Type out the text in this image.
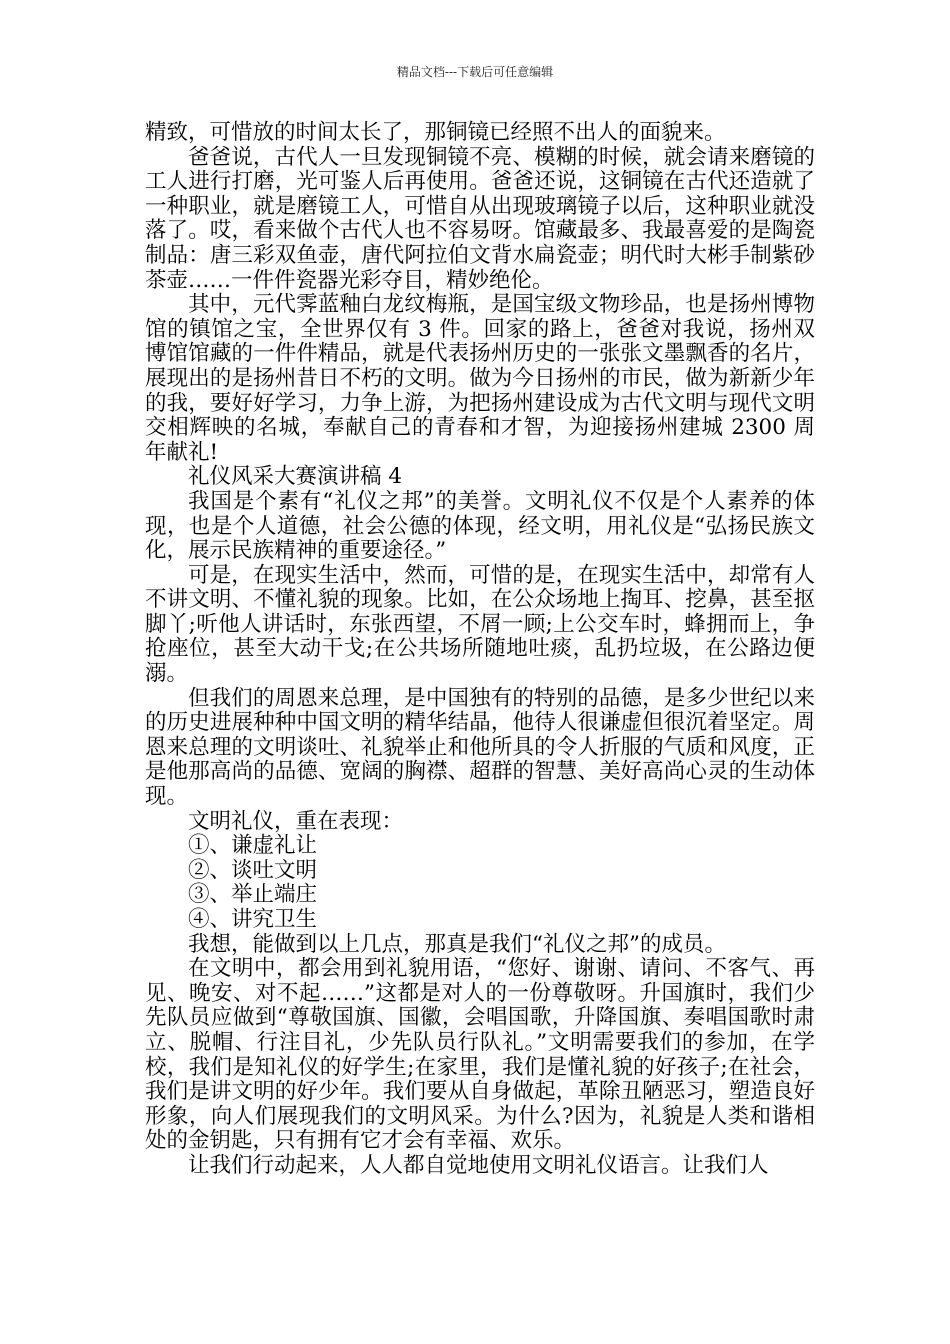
精品文档---下载后可任意编辑

精致，可惜放的时间太长了，那铜镜已经照不出人的面貌来。

爸爸说，古代人一旦发现铜镜不亮、模糊的时候，就会请来磨镜的工人进行打磨，光可鉴人后再使用。爸爸还说，这铜镜在古代还造就了一种职业，就是磨镜工人，可惜自从出现玻璃镜子以后，这种职业就没落了。哎，看来做个古代人也不容易呀。馆藏最多、我最喜爱的是陶瓷制品：唐三彩双鱼壶，唐代阿拉伯文背水扁瓷壶；明代时大彬手制紫砂茶壶……一件件瓷器光彩夺目，精妙绝伦。

其中，元代霁蓝釉白龙纹梅瓶，是国宝级文物珍品，也是扬州博物馆的镇馆之宝，全世界仅有 3 件。回家的路上，爸爸对我说，扬州双博馆馆藏的一件件精品，就是代表扬州历史的一张张文墨飘香的名片，展现出的是扬州昔日不朽的文明。做为今日扬州的市民，做为新新少年的我，要好好学习，力争上游，为把扬州建设成为古代文明与现代文明交相辉映的名城，奉献自己的青春和才智，为迎接扬州建城 2300 周年献礼!

礼仪风采大赛演讲稿 4

我国是个素有“礼仪之邦”的美誉。文明礼仪不仅是个人素养的体现，也是个人道德，社会公德的体现，经文明，用礼仪是“弘扬民族文化，展示民族精神的重要途径。”

可是，在现实生活中，然而，可惜的是，在现实生活中，却常有人不讲文明、不懂礼貌的现象。比如，在公众场地上掏耳、挖鼻，甚至抠脚丫;听他人讲话时，东张西望，不屑一顾;上公交车时，蜂拥而上，争抢座位，甚至大动干戈;在公共场所随地吐痰，乱扔垃圾，在公路边便溺。

但我们的周恩来总理，是中国独有的特别的品德，是多少世纪以来的历史进展种种中国文明的精华结晶，他待人很谦虚但很沉着坚定。周恩来总理的文明谈吐、礼貌举止和他所具的令人折服的气质和风度，正是他那高尚的品德、宽阔的胸襟、超群的智慧、美好高尚心灵的生动体现。

文明礼仪，重在表现：

①、谦虚礼让

②、谈吐文明

③、举止端庄

④、讲究卫生

我想，能做到以上几点，那真是我们“礼仪之邦”的成员。

在文明中，都会用到礼貌用语，“您好、谢谢、请问、不客气、再见、晚安、对不起……”这都是对人的一份尊敬呀。升国旗时，我们少先队员应做到“尊敬国旗、国徽，会唱国歌，升降国旗、奏唱国歌时肃立、脱帽、行注目礼，少先队员行队礼。”文明需要我们的参加，在学校，我们是知礼仪的好学生;在家里，我们是懂礼貌的好孩子;在社会，我们是讲文明的好少年。我们要从自身做起，革除丑陋恶习，塑造良好形象，向人们展现我们的文明风采。为什么?因为，礼貌是人类和谐相处的金钥匙，只有拥有它才会有幸福、欢乐。

让我们行动起来，人人都自觉地使用文明礼仪语言。让我们人
